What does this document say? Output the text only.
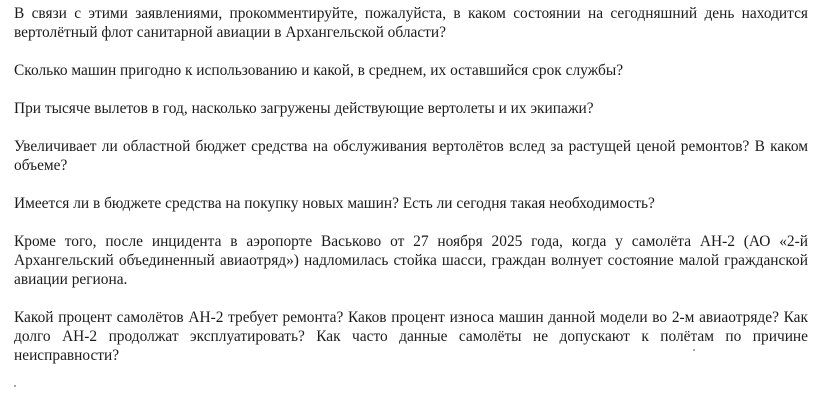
В связи с этими заявлениями, прокомментируйте, пожалуйста, в каком состоянии на сегодняшний день находится вертолётный флот санитарной авиации в Архангельской области?

Сколько машин пригодно к использованию и какой, в среднем, их оставшийся срок службы?

При тысяче вылетов в год, насколько загружены действующие вертолеты и их экипажи?

Увеличивает ли областной бюджет средства на обслуживания вертолётов вслед за растущей ценой ремонтов? В каком объеме?

Имеется ли в бюджете средства на покупку новых машин? Есть ли сегодня такая необходимость?

Кроме того, после инцидента в аэропорте Васьково от 27 ноября 2025 года, когда у самолёта АН-2 (АО «2-й Архангельский объединенный авиаотряд») надломилась стойка шасси, граждан волнует состояние малой гражданской авиации региона.

Какой процент самолётов АН-2 требует ремонта? Каков процент износа машин данной модели во 2-м авиаотряде? Как долго АН-2 продолжат эксплуатировать? Как часто данные самолёты не допускают к полётам по причине неисправности?
